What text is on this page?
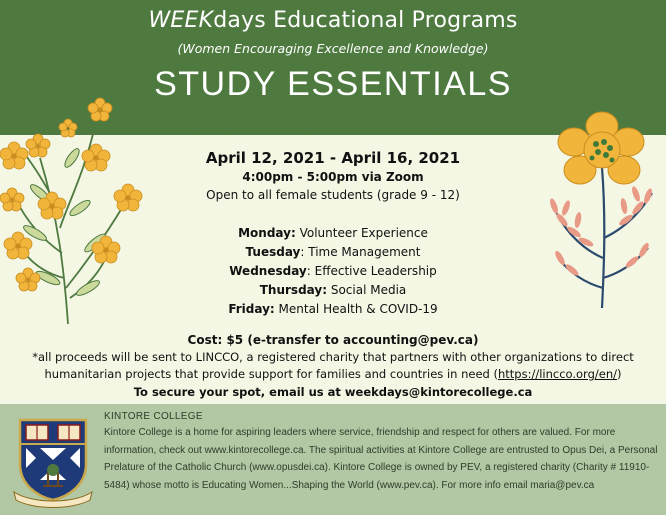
WEEKdays Educational Programs
(Women Encouraging Excellence and Knowledge)
STUDY ESSENTIALS
SPRING BREAK SEMINAR SERIES EDITION
April 12, 2021 - April 16, 2021
4:00pm - 5:00pm via Zoom
Open to all female students (grade 9 - 12)
Monday: Volunteer Experience
Tuesday: Time Management
Wednesday: Effective Leadership
Thursday: Social Media
Friday: Mental Health & COVID-19
Cost: $5 (e-transfer to accounting@pev.ca)
*all proceeds will be sent to LINCCO, a registered charity that partners with other organizations to direct humanitarian projects that provide support for families and countries in need (https://lincco.org/en/)
To secure your spot, email us at weekdays@kintorecollege.ca
KINTORE COLLEGE
Kintore College is a home for aspiring leaders where service, friendship and respect for others are valued. For more information, check out www.kintorecollege.ca. The spiritual activities at Kintore College are entrusted to Opus Dei, a Personal Prelature of the Catholic Church (www.opusdei.ca). Kintore College is owned by PEV, a registered charity (Charity # 11910-5484) whose motto is Educating Women...Shaping the World (www.pev.ca). For more info email maria@pev.ca
